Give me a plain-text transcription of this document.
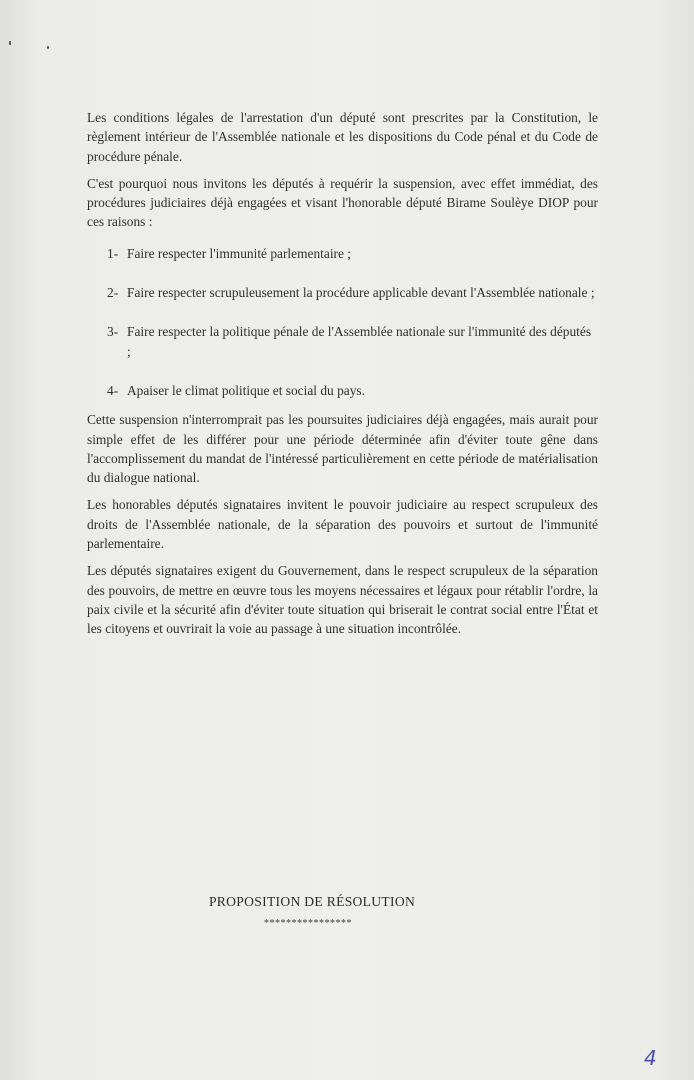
Les conditions légales de l'arrestation d'un député sont prescrites par la Constitution, le règlement intérieur de l'Assemblée nationale et les dispositions du Code pénal et du Code de procédure pénale.

C'est pourquoi nous invitons les députés à requérir la suspension, avec effet immédiat, des procédures judiciaires déjà engagées et visant l'honorable député Birame Soulèye DIOP pour ces raisons :

1- Faire respecter l'immunité parlementaire ;
2- Faire respecter scrupuleusement la procédure applicable devant l'Assemblée nationale ;
3- Faire respecter la politique pénale de l'Assemblée nationale sur l'immunité des députés ;
4- Apaiser le climat politique et social du pays.

Cette suspension n'interromprait pas les poursuites judiciaires déjà engagées, mais aurait pour simple effet de les différer pour une période déterminée afin d'éviter toute gêne dans l'accomplissement du mandat de l'intéressé particulièrement en cette période de matérialisation du dialogue national.

Les honorables députés signataires invitent le pouvoir judiciaire au respect scrupuleux des droits de l'Assemblée nationale, de la séparation des pouvoirs et surtout de l'immunité parlementaire.

Les députés signataires exigent du Gouvernement, dans le respect scrupuleux de la séparation des pouvoirs, de mettre en œuvre tous les moyens nécessaires et légaux pour rétablir l'ordre, la paix civile et la sécurité afin d'éviter toute situation qui briserait le contrat social entre l'État et les citoyens et ouvrirait la voie au passage à une situation incontrôlée.

PROPOSITION DE RÉSOLUTION
****************
4
